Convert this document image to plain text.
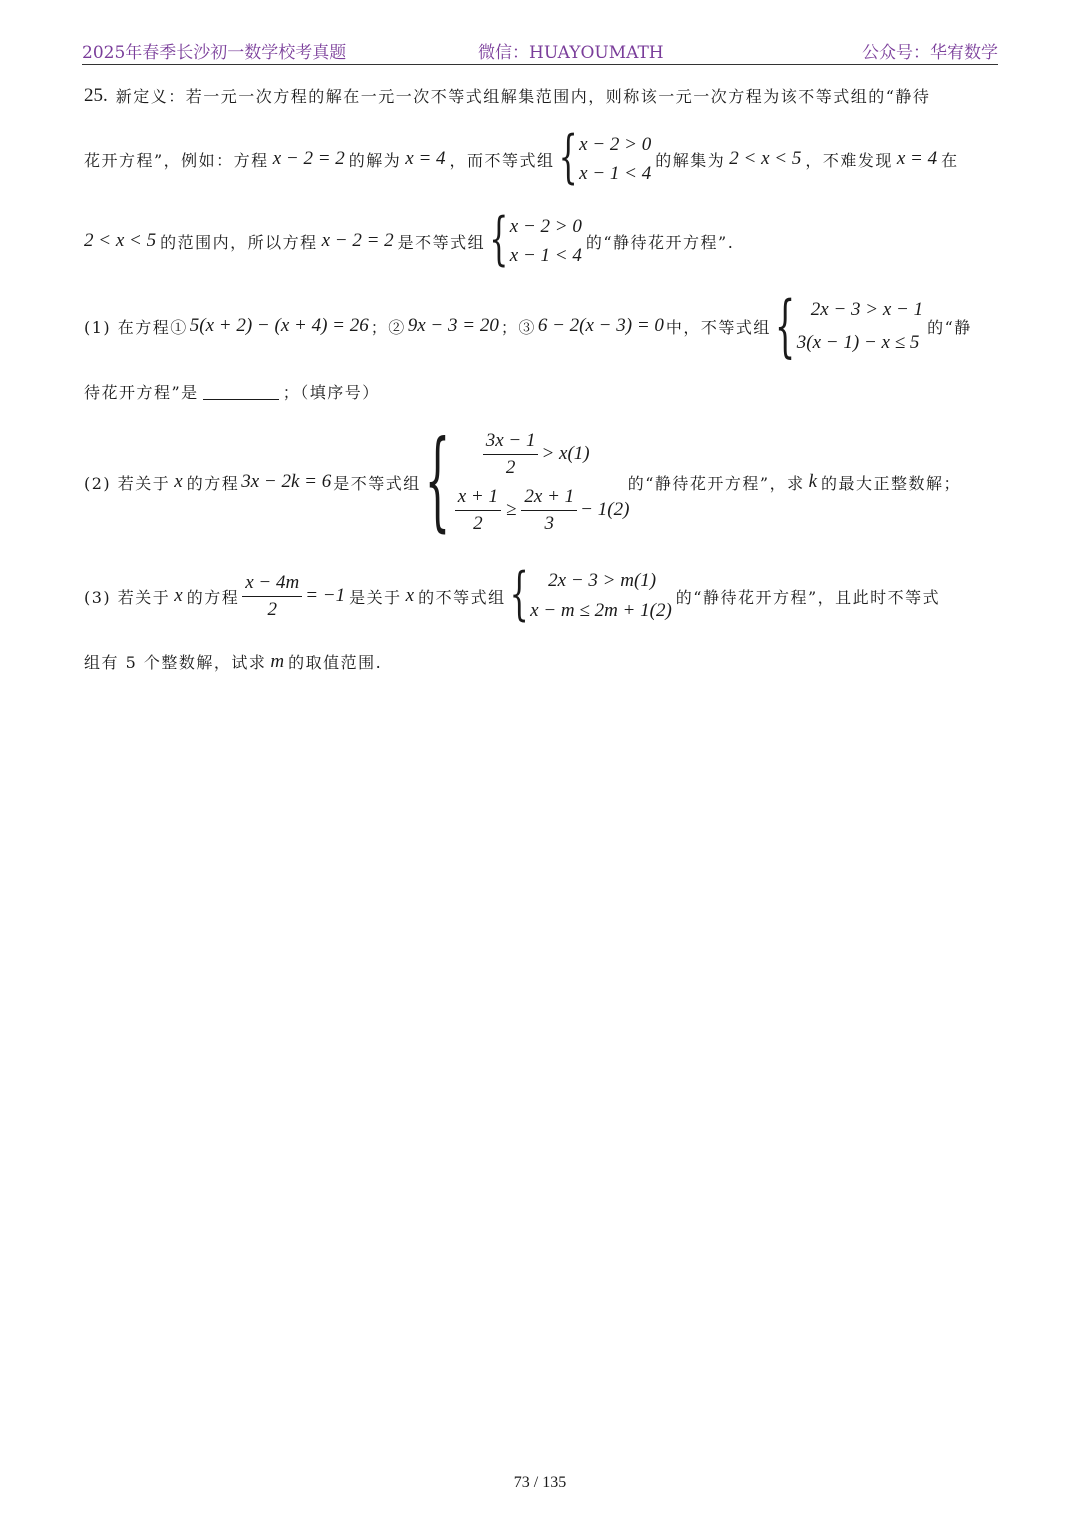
2025年春季长沙初一数学校考真题	微信：HUAYOUMATH	公众号：华宥数学
25. 新定义：若一元一次方程的解在一元一次不等式组解集范围内，则称该一元一次方程为该不等式组的“静待
花开方程”，例如：方程 x − 2 = 2 的解为 x = 4 ，而不等式组 { x − 2 > 0
x − 1 < 4
的解集为 2 < x < 5 ，不难发现 x = 4 在
2 < x < 5 的范围内，所以方程 x − 2 = 2 是不等式组 { x − 2 > 0
x − 1 < 4
的“静待花开方程”.
(1) 在方程① 5(x + 2) − (x + 4) = 26 ；② 9x − 3 = 20 ；③ 6 − 2(x − 3) = 0 中，不等式组 { 2x − 3 > x − 1
3(x − 1) − x ≤ 5
的“静
待花开方程”是	；（填序号）
(2) 若关于 x 的方程 3x − 2k = 6 是不等式组 { $\frac{3x - 1}{2} > x(1)$
$\frac{x + 1}{2} \ge \frac{2x + 1}{3} - 1(2)$
的“静待花开方程”，求 k 的最大正整数解；
(3) 若关于 x 的方程 $\frac{x - 4m}{2} = -1$ 是关于 x 的不等式组 { 2x − 3 > m(1)
x − m ≤ 2m + 1(2)
的“静待花开方程”，且此时不等式
组有 5 个整数解，试求 m 的取值范围.
73 / 135
